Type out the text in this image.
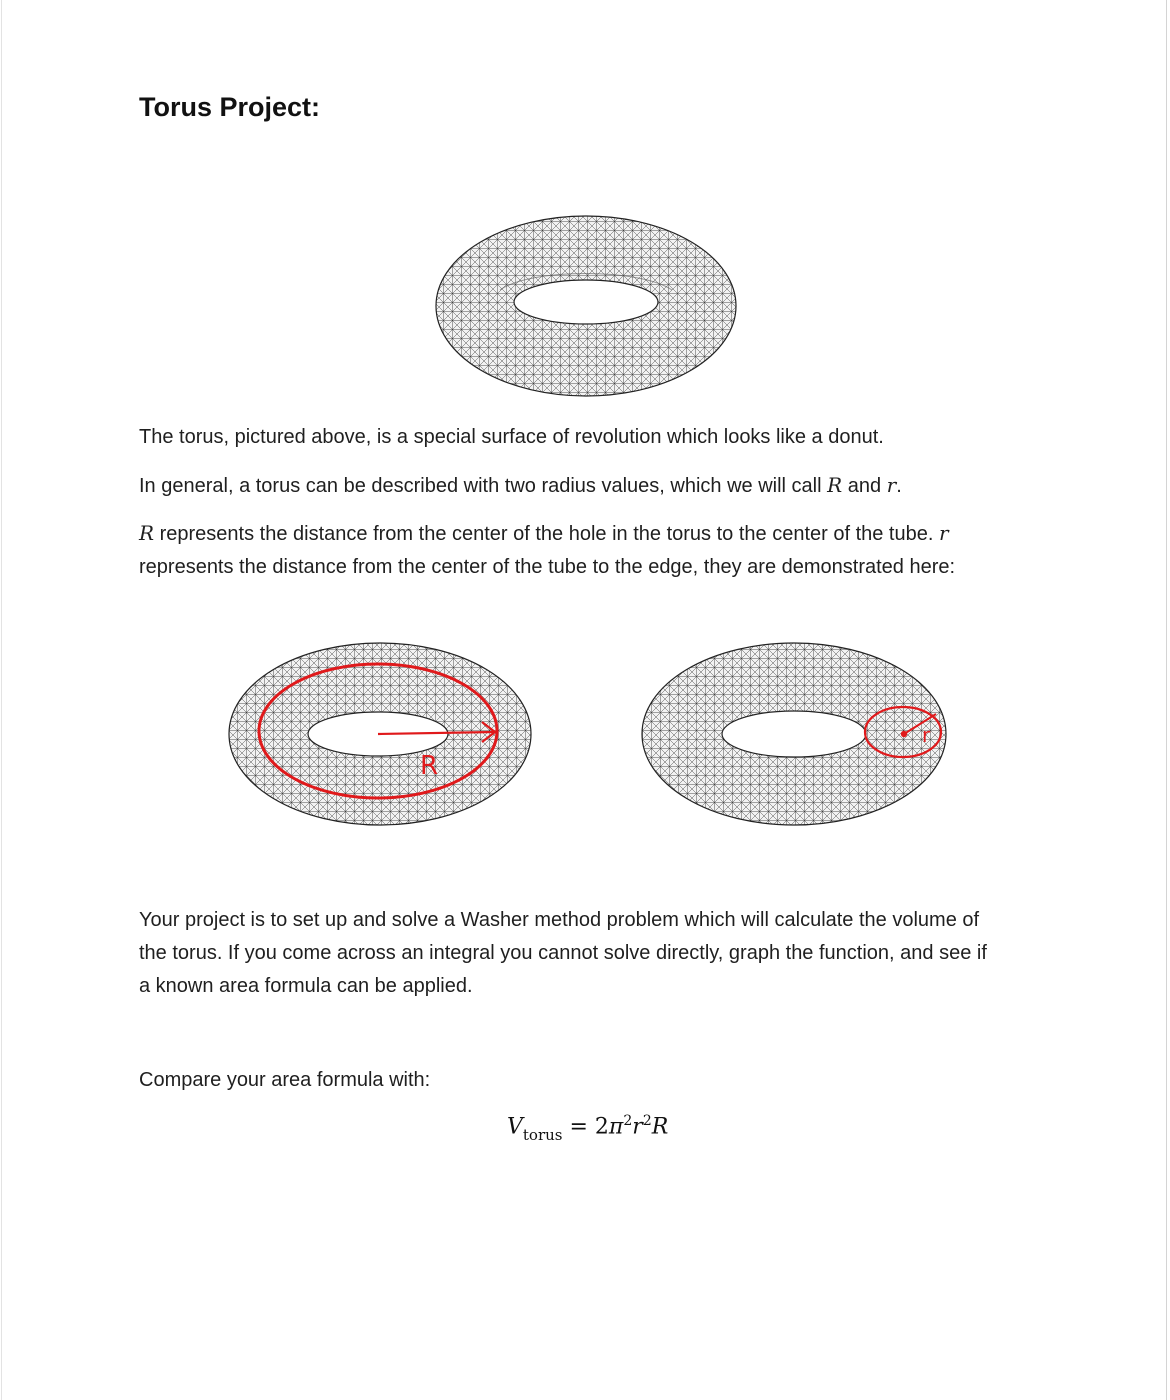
Torus Project:

The torus, pictured above, is a special surface of revolution which looks like a donut.

In general, a torus can be described with two radius values, which we will call R and r.

R represents the distance from the center of the hole in the torus to the center of the tube. r represents the distance from the center of the tube to the edge, they are demonstrated here:

R
r

Your project is to set up and solve a Washer method problem which will calculate the volume of the torus. If you come across an integral you cannot solve directly, graph the function, and see if a known area formula can be applied.

Compare your area formula with:

$V_{torus} = 2\pi^2r^2R$
